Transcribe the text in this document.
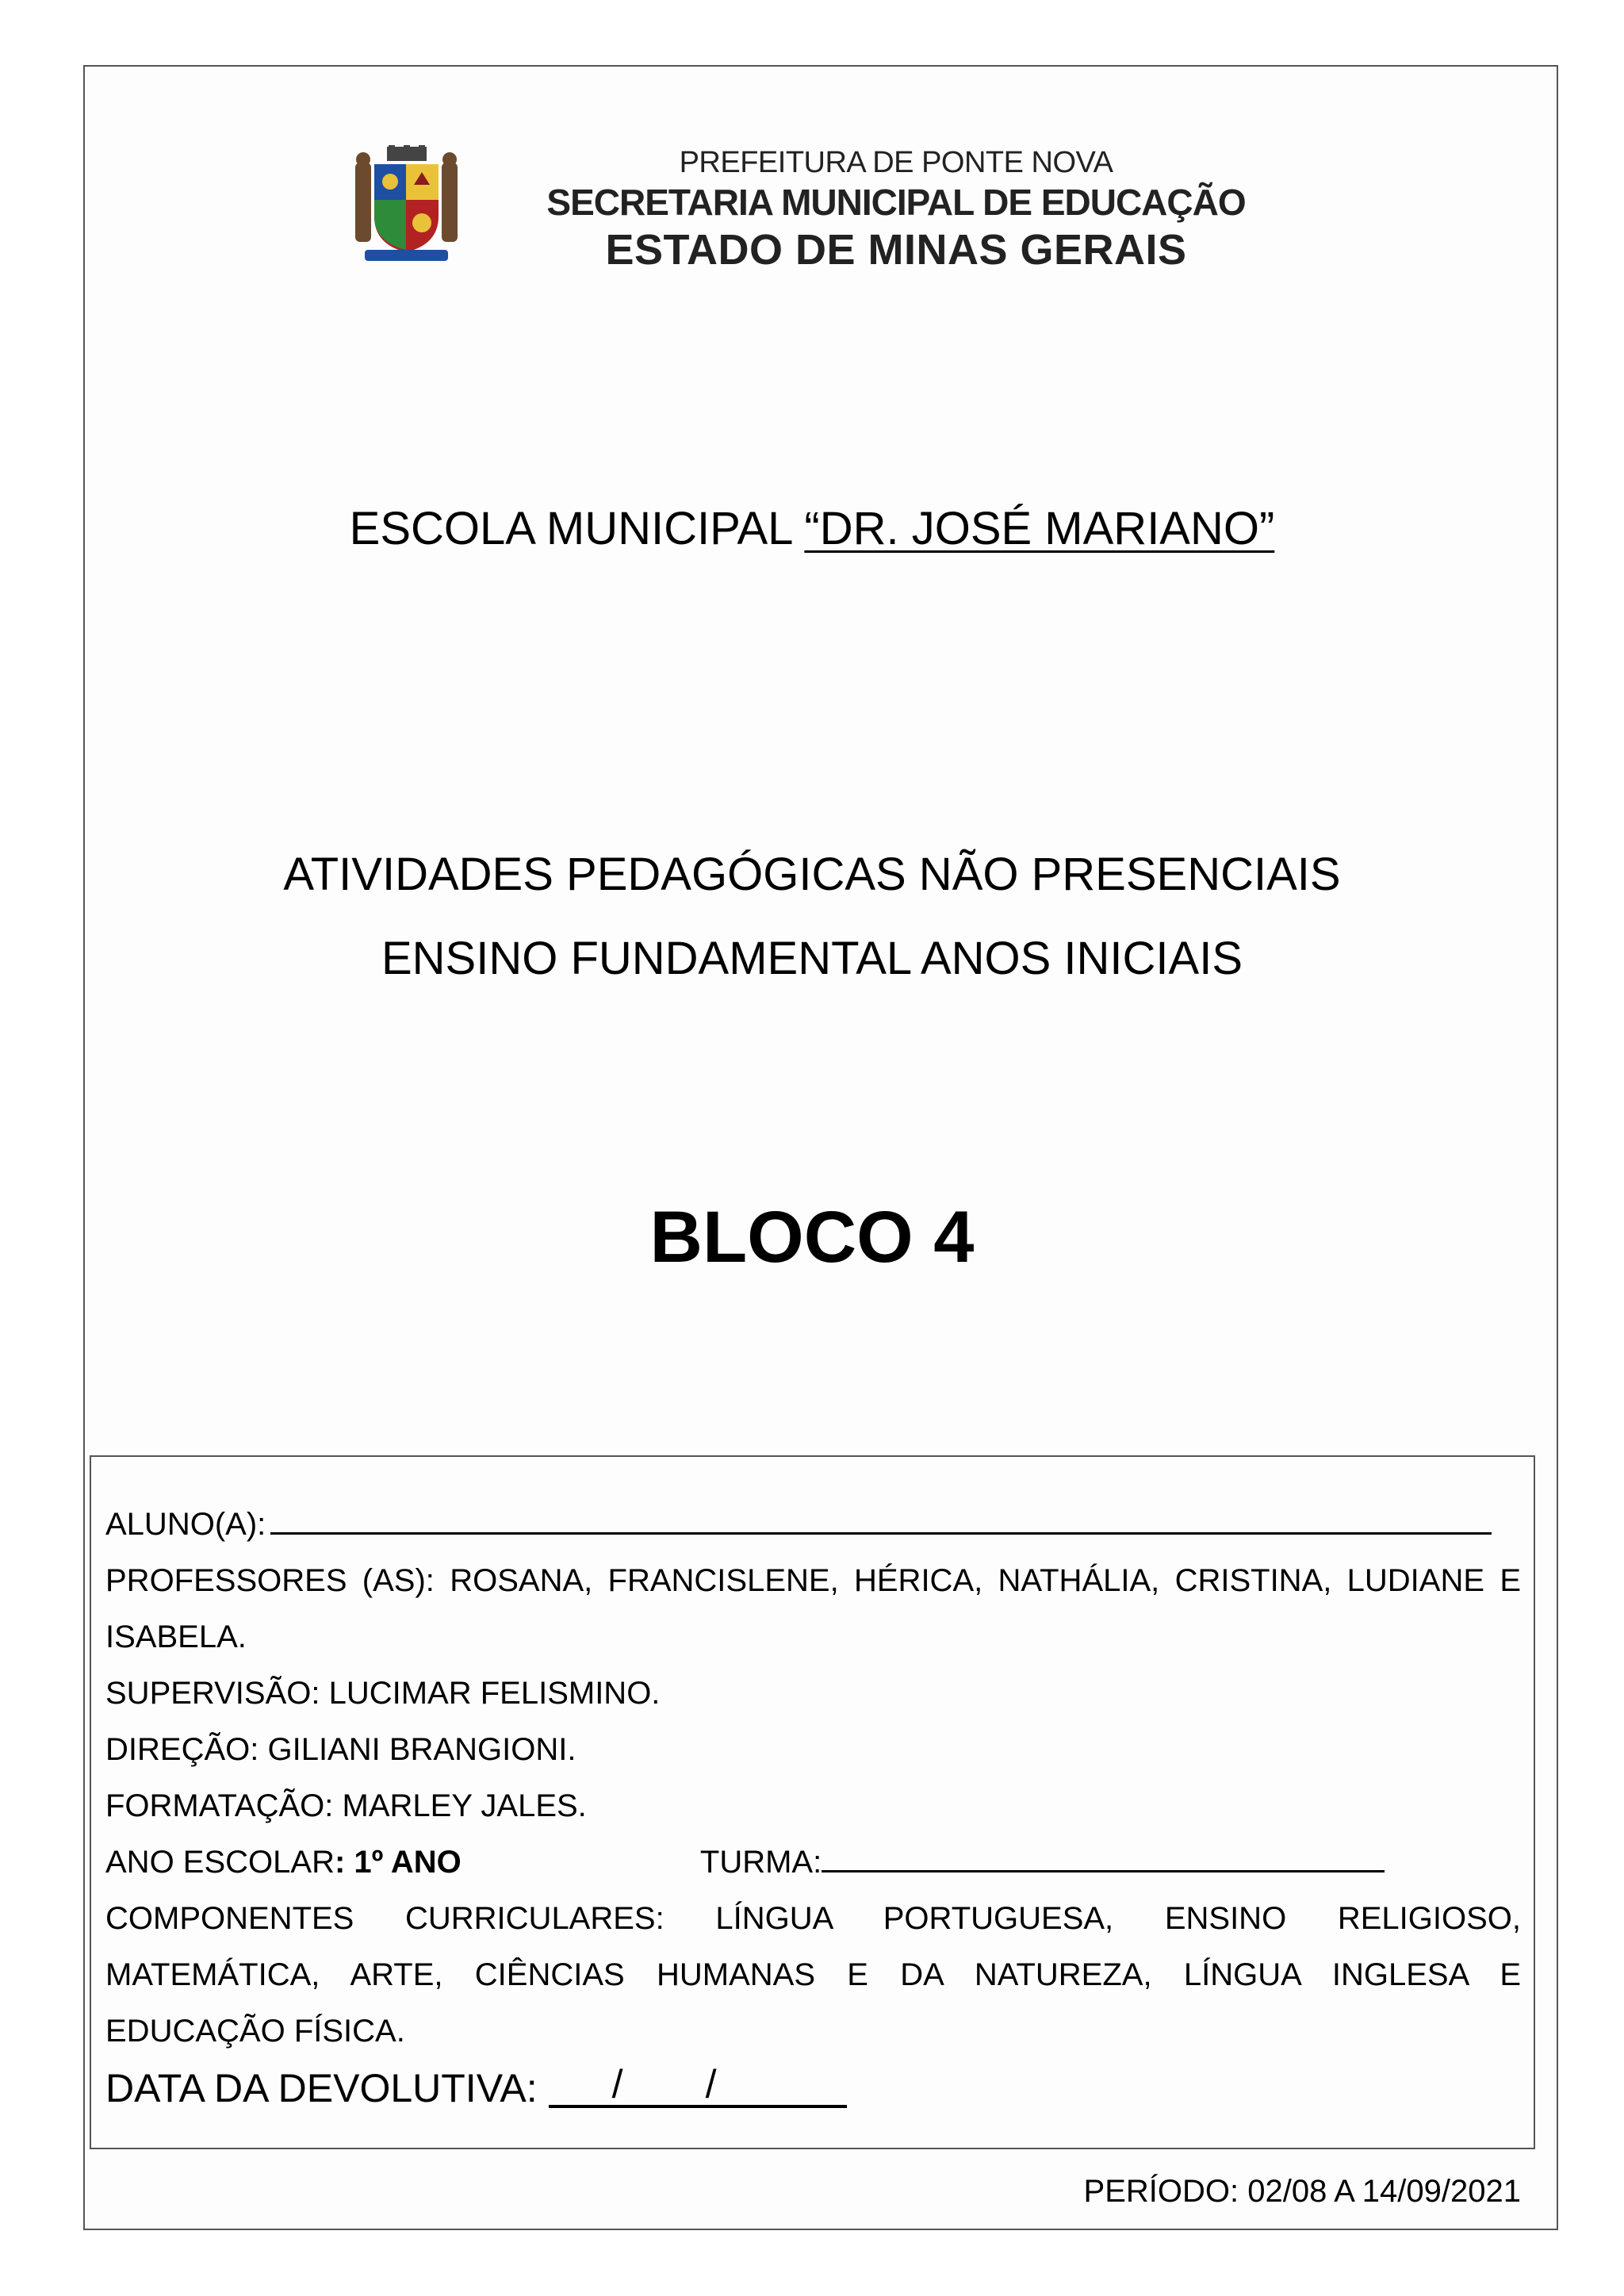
PREFEITURA DE PONTE NOVA
SECRETARIA MUNICIPAL DE EDUCAÇÃO
ESTADO DE MINAS GERAIS
ESCOLA MUNICIPAL “DR. JOSÉ MARIANO”
ATIVIDADES PEDAGÓGICAS NÃO PRESENCIAIS
ENSINO FUNDAMENTAL ANOS INICIAIS
BLOCO 4
ALUNO(A):
PROFESSORES (AS): ROSANA, FRANCISLENE, HÉRICA, NATHÁLIA, CRISTINA, LUDIANE E
ISABELA.
SUPERVISÃO: LUCIMAR FELISMINO.
DIREÇÃO: GILIANI BRANGIONI.
FORMATAÇÃO: MARLEY JALES.
ANO ESCOLAR: 1º ANO	TURMA:
COMPONENTES CURRICULARES: LÍNGUA PORTUGUESA, ENSINO RELIGIOSO,
MATEMÁTICA, ARTE, CIÊNCIAS HUMANAS E DA NATUREZA, LÍNGUA INGLESA E
EDUCAÇÃO FÍSICA.
DATA DA DEVOLUTIVA: / /
PERÍODO: 02/08 A 14/09/2021
